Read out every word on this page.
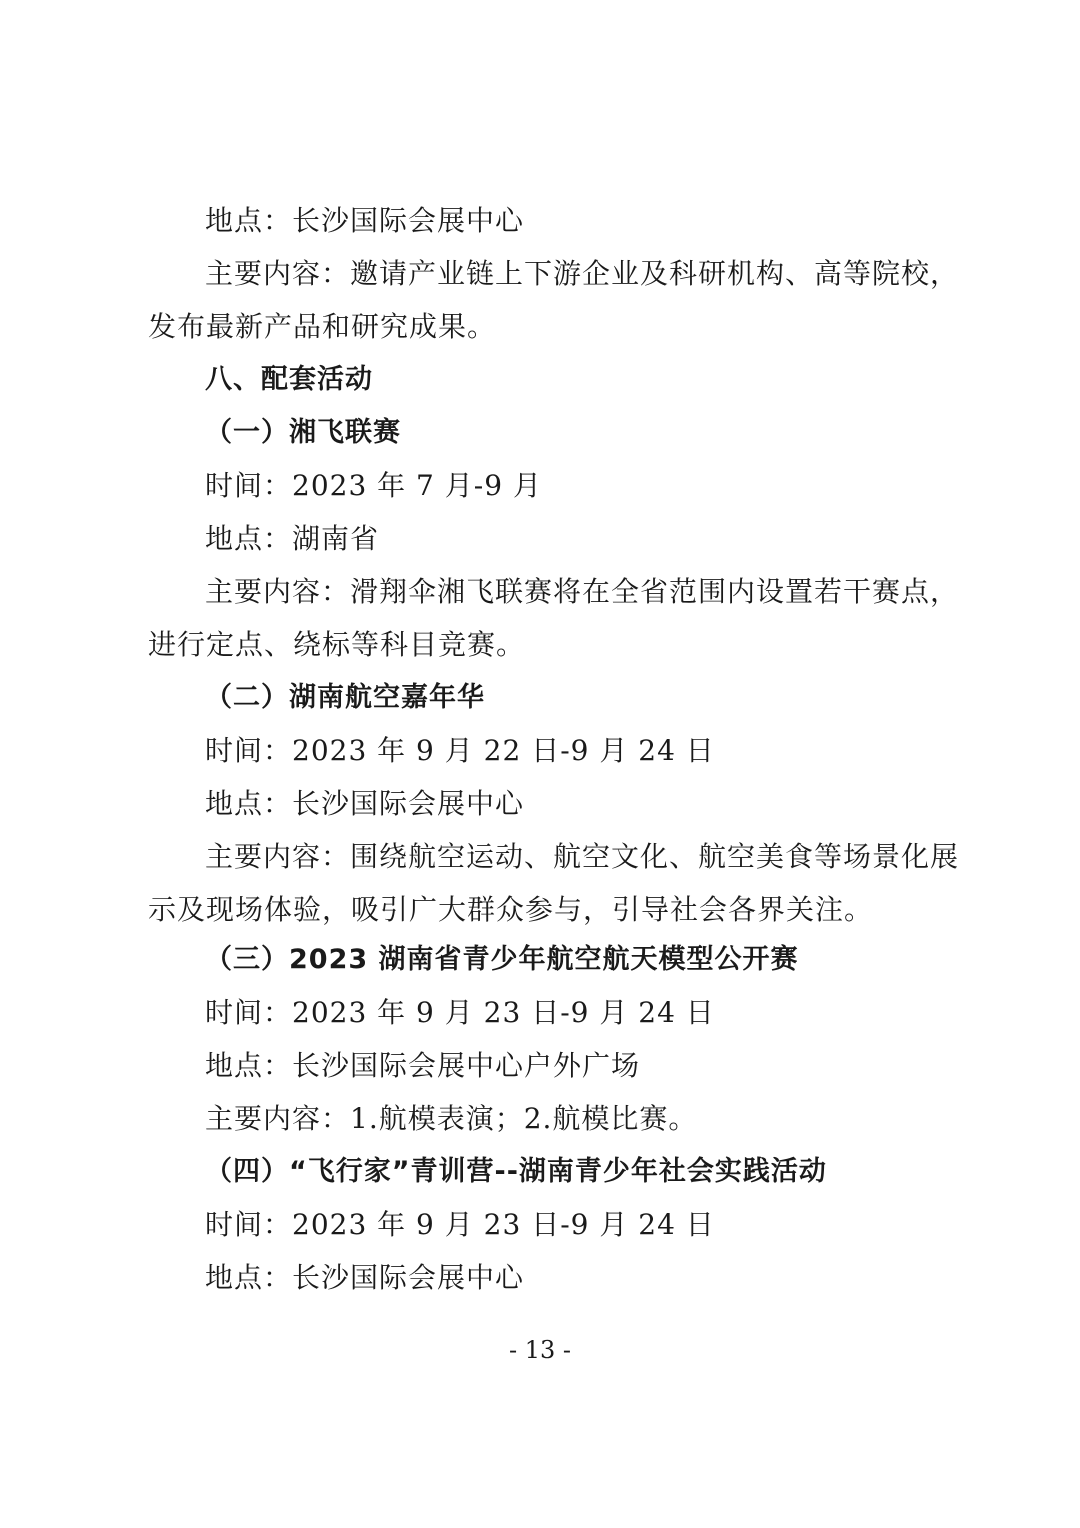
地点：长沙国际会展中心
主要内容：邀请产业链上下游企业及科研机构、高等院校，
发布最新产品和研究成果。
八、配套活动
（一）湘飞联赛
时间：2023 年 7 月-9 月
地点：湖南省
主要内容：滑翔伞湘飞联赛将在全省范围内设置若干赛点，
进行定点、绕标等科目竞赛。
（二）湖南航空嘉年华
时间：2023 年 9 月 22 日-9 月 24 日
地点：长沙国际会展中心
主要内容：围绕航空运动、航空文化、航空美食等场景化展
示及现场体验，吸引广大群众参与，引导社会各界关注。
（三）2023 湖南省青少年航空航天模型公开赛
时间：2023 年 9 月 23 日-9 月 24 日
地点：长沙国际会展中心户外广场
主要内容：1.航模表演；2.航模比赛。
（四）“飞行家”青训营--湖南青少年社会实践活动
时间：2023 年 9 月 23 日-9 月 24 日
地点：长沙国际会展中心
- 13 -
